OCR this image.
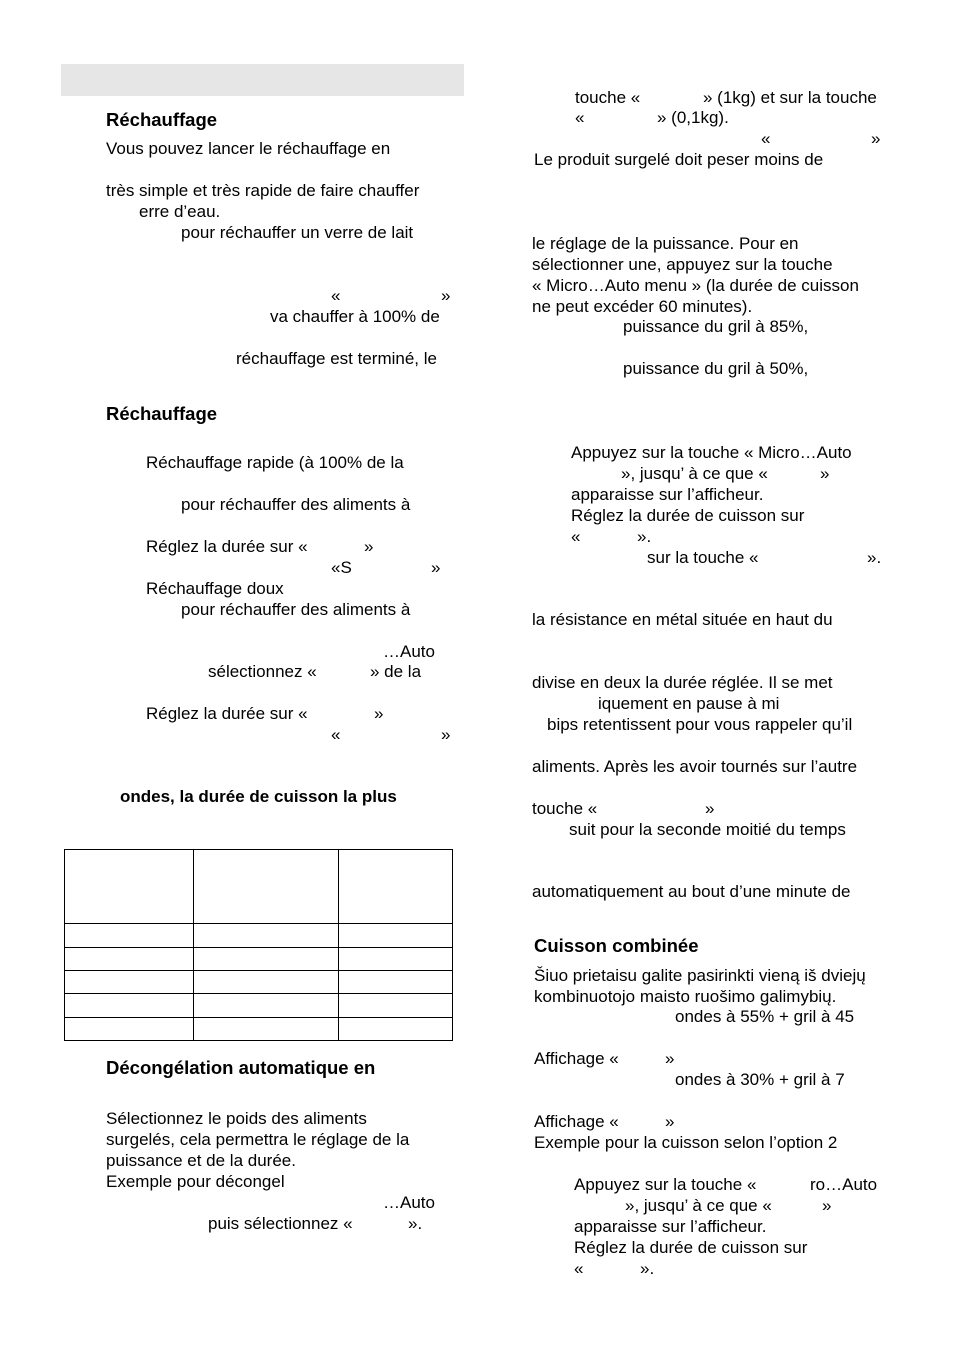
Réchauffage
Vous pouvez lancer le réchauffage en
très simple et très rapide de faire chauffer
erre d’eau.
pour réchauffer un verre de lait
«	»
va chauffer à 100% de
réchauffage est terminé, le
Réchauffage
Réchauffage rapide (à 100% de la
pour réchauffer des aliments à
Réglez la durée sur «	»
«S	»
Réchauffage doux
pour réchauffer des aliments à
…Auto
sélectionnez «	» de la
Réglez la durée sur «	»
«	»
ondes, la durée de cuisson la plus

Décongélation automatique en
Sélectionnez le poids des aliments
surgelés, cela permettra le réglage de la
puissance et de la durée.
Exemple pour décongel
…Auto
puis sélectionnez «	».
touche «	» (1kg) et sur la touche
«	» (0,1kg).
«	»
Le produit surgelé doit peser moins de
le réglage de la puissance. Pour en
sélectionner une, appuyez sur la touche
« Micro…Auto menu » (la durée de cuisson
ne peut excéder 60 minutes).
puissance du gril à 85%,
puissance du gril à 50%,
Appuyez sur la touche « Micro…Auto
», jusqu’ à ce que «	»
apparaisse sur l’afficheur.
Réglez la durée de cuisson sur
«	».
sur la touche «	».
la résistance en métal située en haut du
divise en deux la durée réglée. Il se met
iquement en pause à mi
bips retentissent pour vous rappeler qu’il
aliments. Après les avoir tournés sur l’autre
touche «	»
suit pour la seconde moitié du temps
automatiquement au bout d’une minute de
Cuisson combinée
Šiuo prietaisu galite pasirinkti vieną iš dviejų
kombinuotojo maisto ruošimo galimybių.
ondes à 55% + gril à 45
Affichage «	»
ondes à 30% + gril à 7
Affichage «	»
Exemple pour la cuisson selon l’option 2
Appuyez sur la touche «	ro…Auto
», jusqu’ à ce que «	»
apparaisse sur l’afficheur.
Réglez la durée de cuisson sur
«	».
